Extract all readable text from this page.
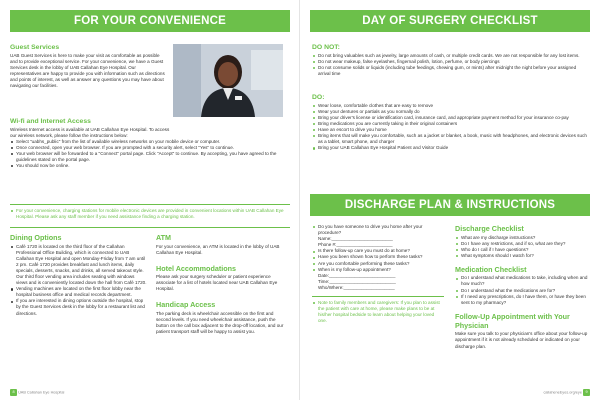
FOR YOUR CONVENIENCE
Guest Services
UAB Guest Services is here to make your visit as comfortable as possible and to provide exceptional service. For your convenience, we have a Guest Services desk in the lobby of UAB Callahan Eye Hospital. Our representatives are happy to provide you with information such as directions and points of interest, as well as answer any questions you may have about navigating our facilities.
Wi-fi and Internet Access
Wireless Internet access is available at UAB Callahan Eye Hospital. To access our wireless network, please follow the instructions below:
Select "uabhs_public" from the list of available wireless networks on your mobile device or computer.
Once connected, open your web browser. If you are prompted with a security alert, select "Yes" to continue.
Your web browser will be forwarded to a "Connect" portal page. Click "Accept" to continue. By accepting, you have agreed to the guidelines stated on the portal page.
You should now be online.
For your convenience, charging stations for mobile electronic devices are provided in convenient locations within UAB Callahan Eye Hospital. Please ask any staff member if you need assistance finding a charging station.
Dining Options
Café 1720 is located on the third floor of the Callahan Professional Office Building, which is connected to UAB Callahan Eye Hospital and open Monday-Friday from 7 am until 2 pm. Café 1720 provides breakfast and lunch items, daily specials, desserts, snacks, and drinks, all served takeout style. Our third floor vending area includes seating with windows views and is conveniently located down the hall from Café 1720.
Vending machines are located on the first floor lobby near the hospital business office and medical records department.
If you are interested in dining options outside the hospital, stop by the Guest Services desk in the lobby for a restaurant list and directions.
ATM
For your convenience, an ATM is located in the lobby of UAB Callahan Eye Hospital.
Hotel Accommodations
Please ask your surgery scheduler or patient experience associate for a list of hotels located near UAB Callahan Eye Hospital.
Handicap Access
The parking deck is wheelchair accessible on the first and second levels. If you need wheelchair assistance, push the button on the call box adjacent to the drop-off location, and our patient transport staff will be happy to assist you.
8 UAB Callahan Eye Hospital
DAY OF SURGERY CHECKLIST
DO NOT:
Do not bring valuables such as jewelry, large amounts of cash, or multiple credit cards. We are not responsible for any lost items.
Do not wear makeup, false eyelashes, fingernail polish, lotion, perfume, or body piercings
Do not consume solids or liquids (including tube feedings, chewing gum, or mints) after midnight the night before your assigned arrival time
DO:
Wear loose, comfortable clothes that are easy to remove
Wear your dentures or partials as you normally do
Bring your driver's license or identification card, insurance card, and appropriate payment method for your insurance co-pay
Bring medications you are currently taking in their original containers
Have an escort to drive you home
Bring items that will make you comfortable, such as a jacket or blanket, a book, music with headphones, and electronic devices such as a tablet, smart phone, and charger
Bring your UAB Callahan Eye Hospital Patient and Visitor Guide
DISCHARGE PLAN & INSTRUCTIONS
Do you have someone to drive you home after your procedure?
Name:________________________
Phone #:______________________
Is there follow-up care you must do at home?
Have you been shown how to perform these tasks?
Are you comfortable performing these tasks?
When is my follow-up appointment?
Date:__________________________
Time:__________________________
Who/Where:____________________
Note to family members and caregivers: If you plan to assist the patient with care at home, please make plans to be at his/her hospital bedside to learn about helping your loved one.
Discharge Checklist
What are my discharge instructions?
Do I have any restrictions, and if so, what are they?
Who do I call if I have questions?
What symptoms should I watch for?
Medication Checklist
Do I understand what medications to take, including when and how much?
Do I understand what the medications are for?
If I need any prescriptions, do I have them, or have they been sent to my pharmacy?
Follow-Up Appointment with Your Physician
Make sure you talk to your physician's office about your follow-up appointment if it is not already scheduled or indicated on your discharge plan.
callaheneEyes.org/eye 9
